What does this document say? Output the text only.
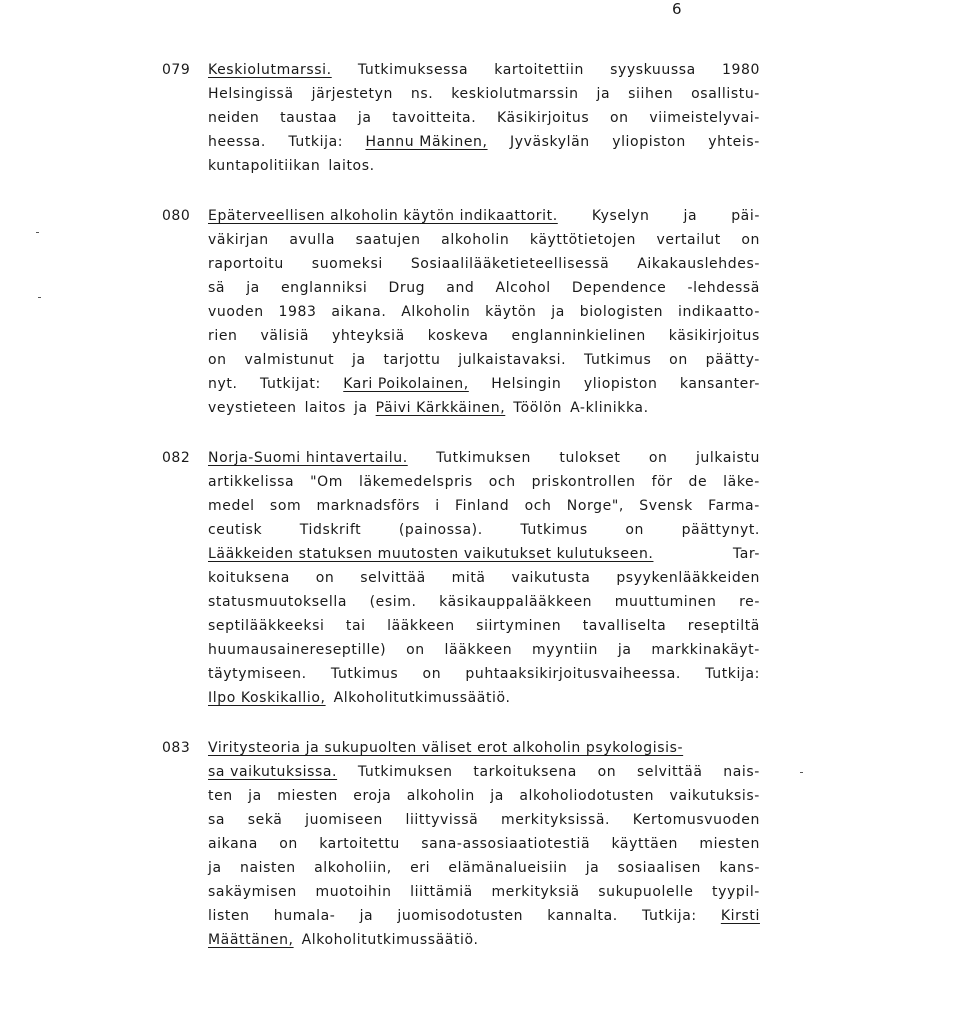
6
079 Keskiolutmarssi. Tutkimuksessa kartoitettiin syyskuussa 1980
Helsingissä järjestetyn ns. keskiolutmarssin ja siihen osallistu-
neiden taustaa ja tavoitteita. Käsikirjoitus on viimeistelyvai-
heessa. Tutkija: Hannu Mäkinen, Jyväskylän yliopiston yhteis-
kuntapolitiikan laitos.
080 Epäterveellisen alkoholin käytön indikaattorit. Kyselyn ja päi-
väkirjan avulla saatujen alkoholin käyttötietojen vertailut on
raportoitu suomeksi Sosiaalilääketieteellisessä Aikakauslehdes-
sä ja englanniksi Drug and Alcohol Dependence -lehdessä
vuoden 1983 aikana. Alkoholin käytön ja biologisten indikaatto-
rien välisiä yhteyksiä koskeva englanninkielinen käsikirjoitus
on valmistunut ja tarjottu julkaistavaksi. Tutkimus on päätty-
nyt. Tutkijat: Kari Poikolainen, Helsingin yliopiston kansanter-
veystieteen laitos ja Päivi Kärkkäinen, Töölön A-klinikka.
082 Norja-Suomi hintavertailu. Tutkimuksen tulokset on julkaistu
artikkelissa "Om läkemedelspris och priskontrollen för de läke-
medel som marknadsförs i Finland och Norge", Svensk Farma-
ceutisk	Tidskrift	(painossa).	Tutkimus	on	päättynyt.
Lääkkeiden statuksen muutosten vaikutukset kulutukseen.	Tar-
koituksena on selvittää mitä vaikutusta psyykenlääkkeiden
statusmuutoksella (esim. käsikauppalääkkeen muuttuminen re-
septilääkkeeksi tai lääkkeen siirtyminen tavalliselta reseptiltä
huumausainereseptille) on lääkkeen myyntiin ja markkinakäyt-
täytymiseen. Tutkimus on puhtaaksikirjoitusvaiheessa. Tutkija:
Ilpo Koskikallio, Alkoholitutkimussäätiö.
083 Viritysteoria ja sukupuolten väliset erot alkoholin psykologisis-
sa vaikutuksissa. Tutkimuksen tarkoituksena on selvittää nais-
ten ja miesten eroja alkoholin ja alkoholiodotusten vaikutuksis-
sa sekä juomiseen liittyvissä merkityksissä. Kertomusvuoden
aikana on kartoitettu sana-assosiaatiotestiä käyttäen miesten
ja naisten alkoholiin, eri elämänalueisiin ja sosiaalisen kans-
sakäymisen muotoihin liittämiä merkityksiä sukupuolelle tyypil-
listen humala- ja juomisodotusten kannalta. Tutkija: Kirsti
Määttänen, Alkoholitutkimussäätiö.
